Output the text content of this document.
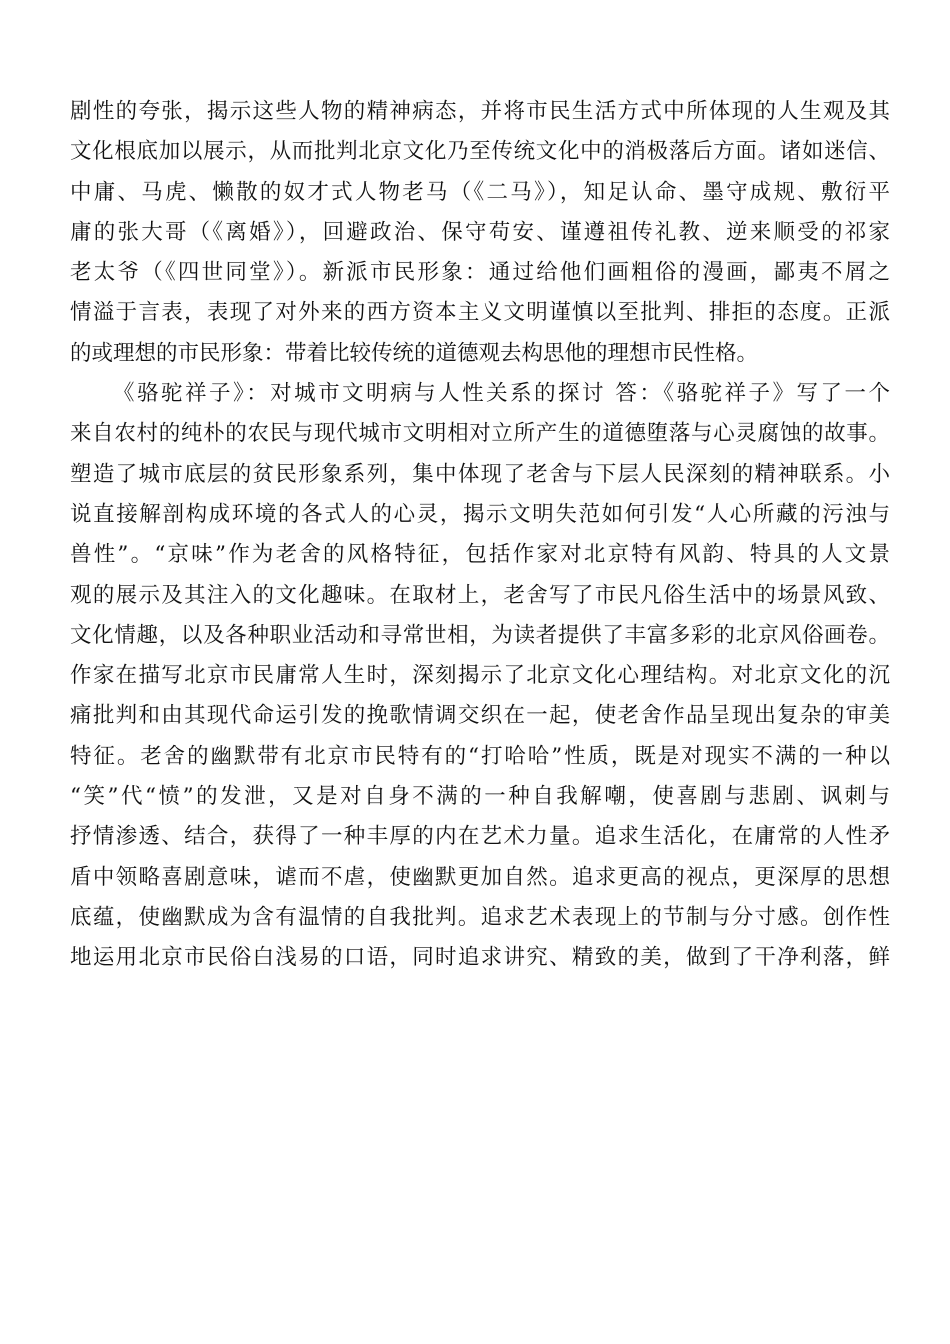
剧性的夸张，揭示这些人物的精神病态，并将市民生活方式中所体现的人生观及其
文化根底加以展示，从而批判北京文化乃至传统文化中的消极落后方面。诸如迷信、
中庸、马虎、懒散的奴才式人物老马（《二马》），知足认命、墨守成规、敷衍平
庸的张大哥（《离婚》），回避政治、保守苟安、谨遵祖传礼教、逆来顺受的祁家
老太爷（《四世同堂》）。新派市民形象：通过给他们画粗俗的漫画，鄙夷不屑之
情溢于言表，表现了对外来的西方资本主义文明谨慎以至批判、排拒的态度。正派
的或理想的市民形象：带着比较传统的道德观去构思他的理想市民性格。
《骆驼祥子》：对城市文明病与人性关系的探讨 答：《骆驼祥子》写了一个
来自农村的纯朴的农民与现代城市文明相对立所产生的道德堕落与心灵腐蚀的故事。
塑造了城市底层的贫民形象系列，集中体现了老舍与下层人民深刻的精神联系。小
说直接解剖构成环境的各式人的心灵，揭示文明失范如何引发“人心所藏的污浊与
兽性”。“京味”作为老舍的风格特征，包括作家对北京特有风韵、特具的人文景
观的展示及其注入的文化趣味。在取材上，老舍写了市民凡俗生活中的场景风致、
文化情趣，以及各种职业活动和寻常世相，为读者提供了丰富多彩的北京风俗画卷。
作家在描写北京市民庸常人生时，深刻揭示了北京文化心理结构。对北京文化的沉
痛批判和由其现代命运引发的挽歌情调交织在一起，使老舍作品呈现出复杂的审美
特征。老舍的幽默带有北京市民特有的“打哈哈”性质，既是对现实不满的一种以
“笑”代“愤”的发泄，又是对自身不满的一种自我解嘲，使喜剧与悲剧、讽刺与
抒情渗透、结合，获得了一种丰厚的内在艺术力量。追求生活化，在庸常的人性矛
盾中领略喜剧意味，谑而不虐，使幽默更加自然。追求更高的视点，更深厚的思想
底蕴，使幽默成为含有温情的自我批判。追求艺术表现上的节制与分寸感。创作性
地运用北京市民俗白浅易的口语，同时追求讲究、精致的美，做到了干净利落，鲜
